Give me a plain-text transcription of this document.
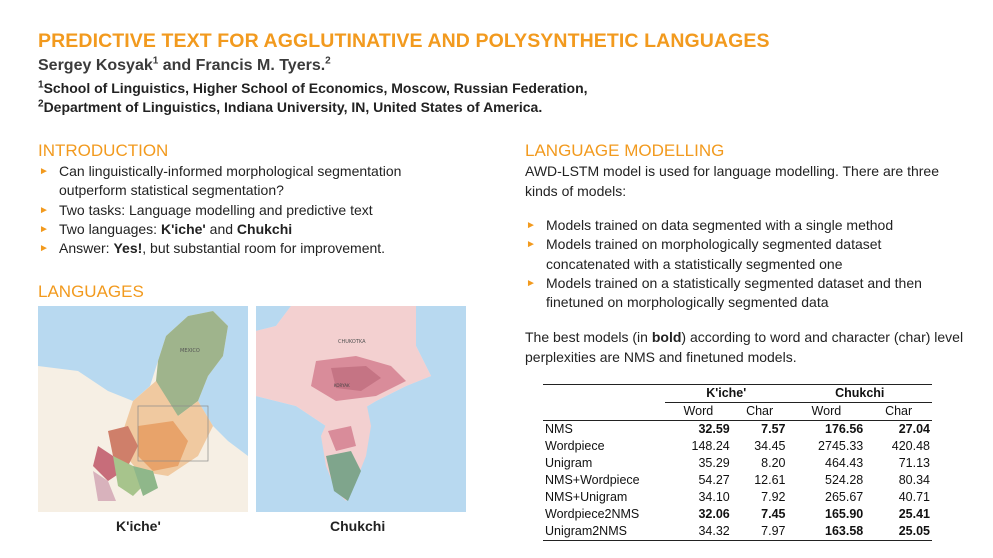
PREDICTIVE TEXT FOR AGGLUTINATIVE AND POLYSYNTHETIC LANGUAGES
Sergey Kosyak$^1$ and Francis M. Tyers.$^2$
$^1$School of Linguistics, Higher School of Economics, Moscow, Russian Federation,
$^2$Department of Linguistics, Indiana University, IN, United States of America.
INTRODUCTION
► Can linguistically-informed morphological segmentation outperform statistical segmentation?
► Two tasks: Language modelling and predictive text
► Two languages: K'iche' and Chukchi
► Answer: Yes!, but substantial room for improvement.
LANGUAGES
MEXICO
K'iche'
CHUKOTKA
KORYAK
Chukchi
LANGUAGE MODELLING

AWD-LSTM model is used for language modelling. There are three kinds of models:

► Models trained on data segmented with a single method
► Models trained on morphologically segmented dataset concatenated with a statistically segmented one
► Models trained on a statistically segmented dataset and then finetuned on morphologically segmented data

The best models (in bold) according to word and character (char) level perplexities are NMS and finetuned models.

	K'iche'		Chukchi	
	Word	Char	Word	Char
NMS	32.59	7.57	176.56	27.04
Wordpiece	148.24	34.45	2745.33	420.48
Unigram	35.29	8.20	464.43	71.13
NMS+Wordpiece	54.27	12.61	524.28	80.34
NMS+Unigram	34.10	7.92	265.67	40.71
Wordpiece2NMS	32.06	7.45	165.90	25.41
Unigram2NMS	34.32	7.97	163.58	25.05
